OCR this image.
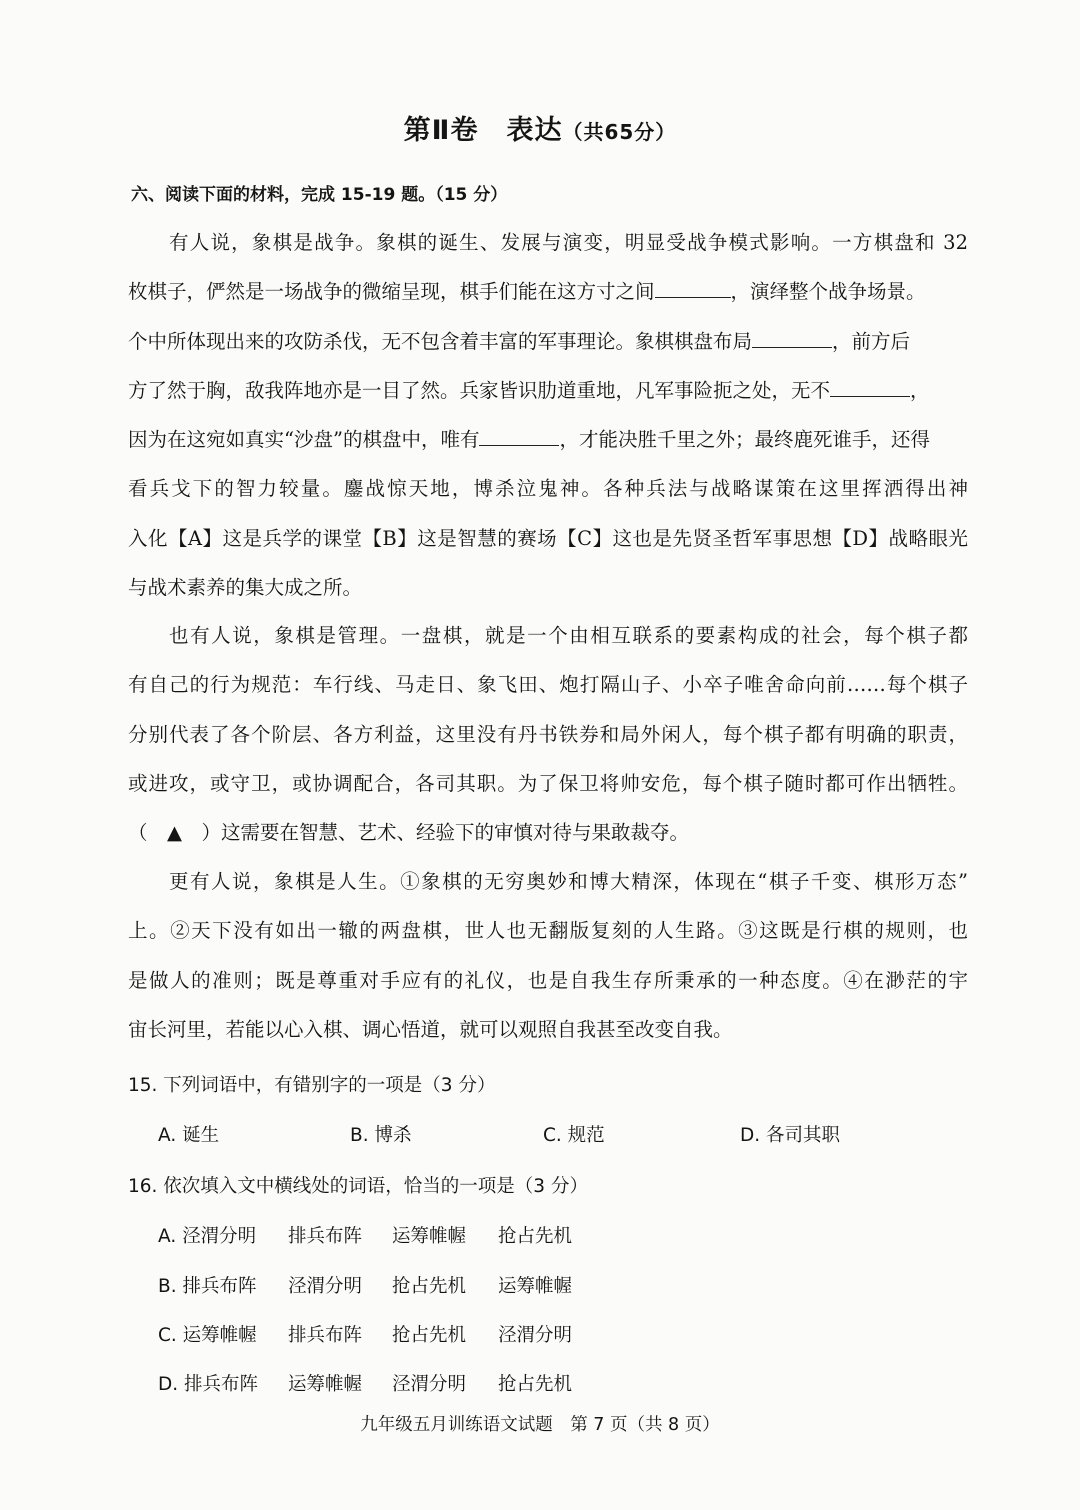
第Ⅱ卷　表达（共65分）
六、阅读下面的材料，完成 15-19 题。（15 分）
有人说，象棋是战争。象棋的诞生、发展与演变，明显受战争模式影响。一方棋盘和 32
枚棋子，俨然是一场战争的微缩呈现，棋手们能在这方寸之间	，演绎整个战争场景。
个中所体现出来的攻防杀伐，无不包含着丰富的军事理论。象棋棋盘布局	，前方后
方了然于胸，敌我阵地亦是一目了然。兵家皆识肋道重地，凡军事险扼之处，无不	，
因为在这宛如真实“沙盘”的棋盘中，唯有	，才能决胜千里之外；最终鹿死谁手，还得
看兵戈下的智力较量。鏖战惊天地，博杀泣鬼神。各种兵法与战略谋策在这里挥洒得出神
入化【A】这是兵学的课堂【B】这是智慧的赛场【C】这也是先贤圣哲军事思想【D】战略眼光
与战术素养的集大成之所。
也有人说，象棋是管理。一盘棋，就是一个由相互联系的要素构成的社会，每个棋子都
有自己的行为规范：车行线、马走日、象飞田、炮打隔山子、小卒子唯舍命向前……每个棋子
分别代表了各个阶层、各方利益，这里没有丹书铁券和局外闲人，每个棋子都有明确的职责，
或进攻，或守卫，或协调配合，各司其职。为了保卫将帅安危，每个棋子随时都可作出牺牲。
（　▲　）这需要在智慧、艺术、经验下的审慎对待与果敢裁夺。
更有人说，象棋是人生。①象棋的无穷奥妙和博大精深，体现在“棋子千变、棋形万态”
上。②天下没有如出一辙的两盘棋，世人也无翻版复刻的人生路。③这既是行棋的规则，也
是做人的准则；既是尊重对手应有的礼仪，也是自我生存所秉承的一种态度。④在渺茫的宇
宙长河里，若能以心入棋、调心悟道，就可以观照自我甚至改变自我。
15. 下列词语中，有错别字的一项是（3 分）
A. 诞生	B. 博杀	C. 规范	D. 各司其职
16. 依次填入文中横线处的词语，恰当的一项是（3 分）
A. 泾渭分明 排兵布阵 运筹帷幄 抢占先机
B. 排兵布阵 泾渭分明 抢占先机 运筹帷幄
C. 运筹帷幄 排兵布阵 抢占先机 泾渭分明
D. 排兵布阵 运筹帷幄 泾渭分明 抢占先机
九年级五月训练语文试题　第 7 页（共 8 页）
